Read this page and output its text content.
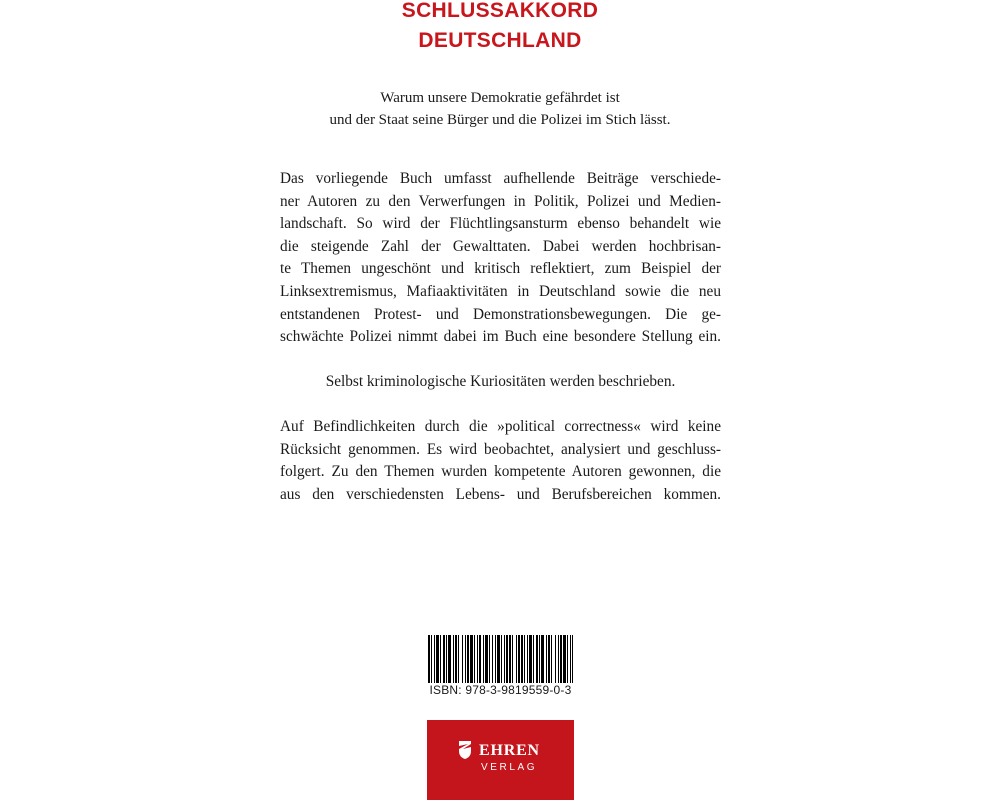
SCHLUSSAKKORD
DEUTSCHLAND
Warum unsere Demokratie gefährdet ist
und der Staat seine Bürger und die Polizei im Stich lässt.
Das vorliegende Buch umfasst aufhellende Beiträge verschiede-
ner Autoren zu den Verwerfungen in Politik, Polizei und Medien-
landschaft. So wird der Flüchtlingsansturm ebenso behandelt wie
die steigende Zahl der Gewalttaten. Dabei werden hochbrisan-
te Themen ungeschönt und kritisch reflektiert, zum Beispiel der
Linksextremismus, Mafiaaktivitäten in Deutschland sowie die neu
entstandenen Protest- und Demonstrationsbewegungen. Die ge-
schwächte Polizei nimmt dabei im Buch eine besondere Stellung ein.
Selbst kriminologische Kuriositäten werden beschrieben.
Auf Befindlichkeiten durch die »political correctness« wird keine
Rücksicht genommen. Es wird beobachtet, analysiert und geschluss-
folgert. Zu den Themen wurden kompetente Autoren gewonnen, die
aus den verschiedensten Lebens- und Berufsbereichen kommen.
ISBN: 978-3-9819559-0-3
EHREN
VERLAG
